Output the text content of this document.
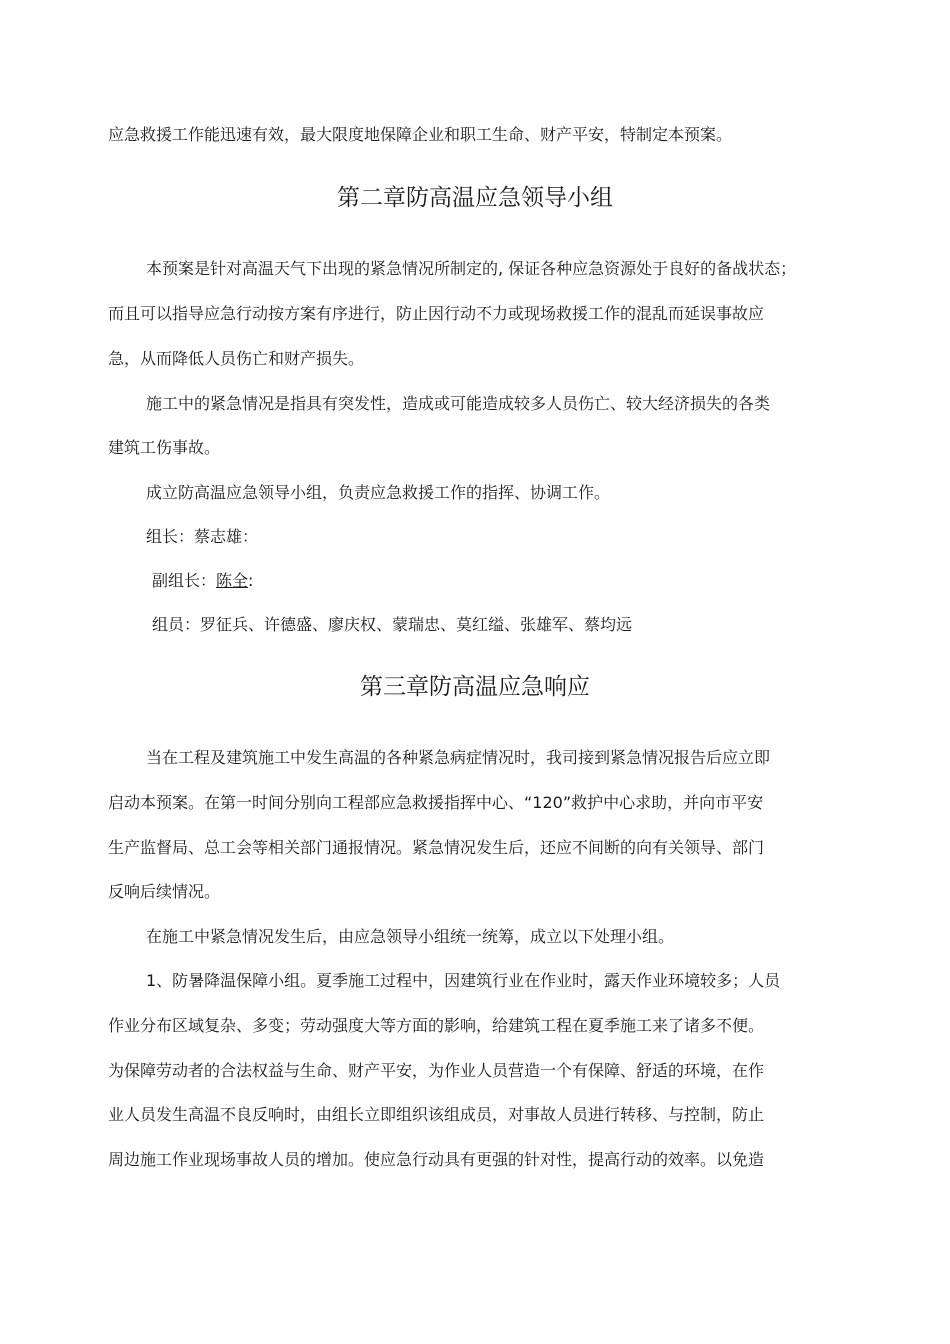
应急救援工作能迅速有效，最大限度地保障企业和职工生命、财产平安，特制定本预案。
第二章防高温应急领导小组
本预案是针对高温天气下出现的紧急情况所制定的, 保证各种应急资源处于良好的备战状态；
而且可以指导应急行动按方案有序进行，防止因行动不力或现场救援工作的混乱而延误事故应
急，从而降低人员伤亡和财产损失。
施工中的紧急情况是指具有突发性，造成或可能造成较多人员伤亡、较大经济损失的各类
建筑工伤事故。
成立防高温应急领导小组，负责应急救援工作的指挥、协调工作。
组长：蔡志雄：
副组长：陈全:
组员：罗征兵、许德盛、廖庆权、蒙瑞忠、莫红缢、张雄军、蔡均远
第三章防高温应急响应
当在工程及建筑施工中发生高温的各种紧急病症情况时，我司接到紧急情况报告后应立即
启动本预案。在第一时间分别向工程部应急救援指挥中心、“120”救护中心求助，并向市平安
生产监督局、总工会等相关部门通报情况。紧急情况发生后，还应不间断的向有关领导、部门
反响后续情况。
在施工中紧急情况发生后，由应急领导小组统一统筹，成立以下处理小组。
1、防暑降温保障小组。夏季施工过程中，因建筑行业在作业时，露天作业环境较多；人员
作业分布区域复杂、多变；劳动强度大等方面的影响，给建筑工程在夏季施工来了诸多不便。
为保障劳动者的合法权益与生命、财产平安，为作业人员营造一个有保障、舒适的环境，在作
业人员发生高温不良反响时，由组长立即组织该组成员，对事故人员进行转移、与控制，防止
周边施工作业现场事故人员的增加。使应急行动具有更强的针对性，提高行动的效率。以免造
